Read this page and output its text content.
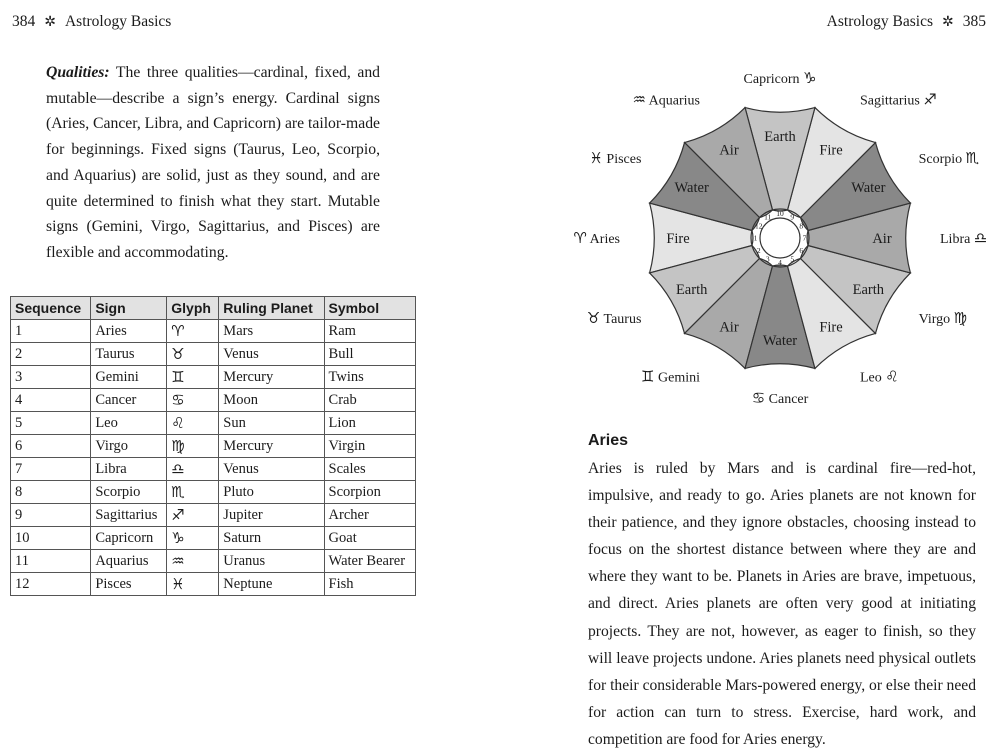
384 ✲ Astrology Basics	Astrology Basics ✲ 385

Qualities: The three qualities—cardinal, fixed, and mutable—describe a sign’s energy. Cardinal signs (Aries, Cancer, Libra, and Capricorn) are tailor-made for beginnings. Fixed signs (Taurus, Leo, Scorpio, and Aquarius) are solid, just as they sound, and are quite determined to finish what they start. Mutable signs (Gemini, Virgo, Sagittarius, and Pisces) are flexible and accommodating.

Sequence	Sign	Glyph	Ruling Planet	Symbol
1	Aries	♈	Mars	Ram
2	Taurus	♉	Venus	Bull
3	Gemini	♊	Mercury	Twins
4	Cancer	♋	Moon	Crab
5	Leo	♌	Sun	Lion
6	Virgo	♍	Mercury	Virgin
7	Libra	♎	Venus	Scales
8	Scorpio	♏	Pluto	Scorpion
9	Sagittarius	♐	Jupiter	Archer
10	Capricorn	♑	Saturn	Goat
11	Aquarius	♒	Uranus	Water Bearer
12	Pisces	♓	Neptune	Fish
Fire	1
♈ Aries
Earth
2
♉ Taurus	Air
3
♊ Gemini
Water
4
♋ Cancer
Fire
5
Leo ♌
Earth
6
Virgo ♍
Air
7	Libra ♎
Water
8
Scorpio ♏
Fire
9
Sagittarius ♐
Earth
10
Capricorn ♑
Air
11
♒ Aquarius
Water
12
♓ Pisces
Aries

Aries is ruled by Mars and is cardinal fire—red-hot, impulsive, and ready to go. Aries planets are not known for their patience, and they ignore obstacles, choosing instead to focus on the shortest distance between where they are and where they want to be. Planets in Aries are brave, impetuous, and direct. Aries planets are often very good at initiating projects. They are not, however, as eager to finish, so they will leave projects undone. Aries planets need physical outlets for their considerable Mars-powered energy, or else their need for action can turn to stress. Exercise, hard work, and competition are food for Aries energy.
